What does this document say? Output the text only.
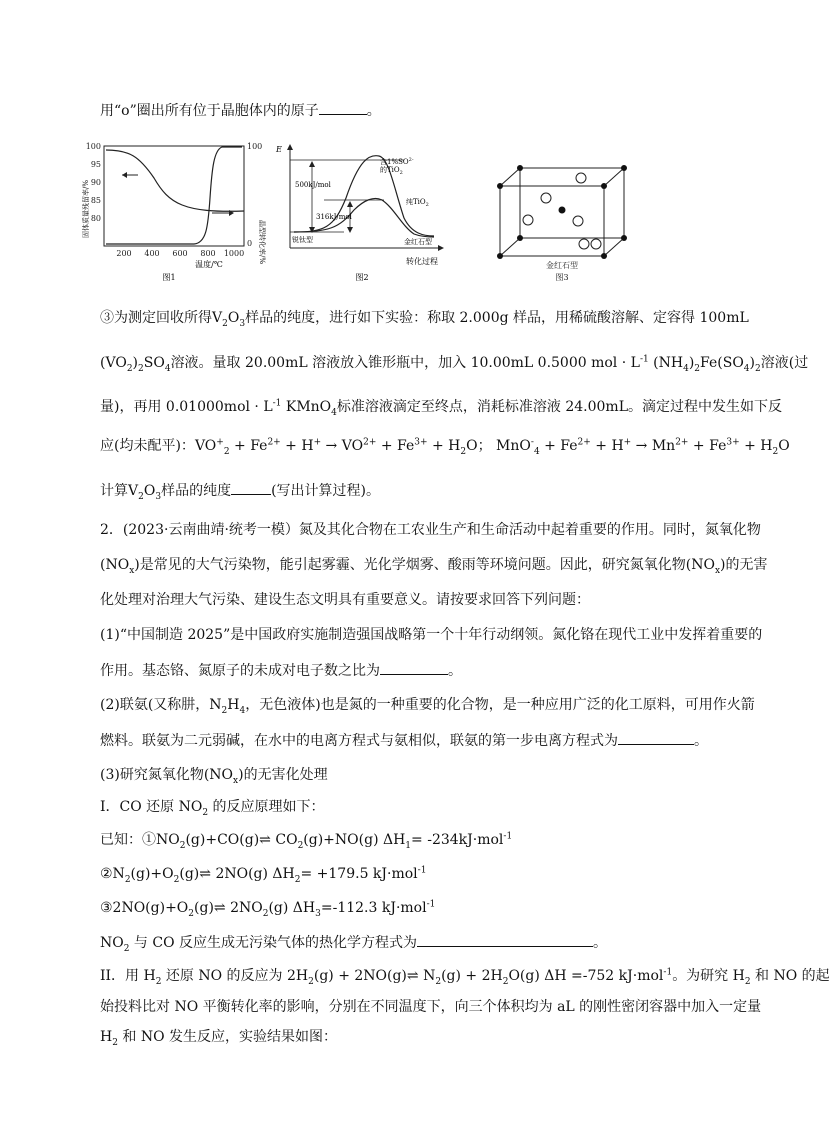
用“o”圈出所有位于晶胞体内的原子	。
100
95
90
85
80
100
0
200 400 600 800 1000
温度/℃
固体质量残留率/%
晶型转化率/%
图1
E
转化过程
500kJ/mol
316kJ/mol
含$1\%SO^{2-}$
的TiO$_2$
纯TiO$_2$
锐钛型	金红石型
图2
金红石型
图3
③为测定回收所得$V_2O_3$样品的纯度，进行如下实验：称取 2.000g 样品，用稀硫酸溶解、定容得 100mL
$(VO_2)_2SO_4$溶液。量取 20.00mL 溶液放入锥形瓶中，加入 10.00mL 0.5000 mol · $L^{-1}$ $(NH_4)_2Fe(SO_4)_2$溶液(过
量)，再用 $0.01000mol \cdot L^{-1}$ KMnO$_4$标准溶液滴定至终点，消耗标准溶液 24.00mL。滴定过程中发生如下反
应(均未配平)：$VO^+_2 + Fe^{2+} + H^+ \to VO^{2+} + Fe^{3+} + H_2O$； $MnO^-_4 + Fe^{2+} + H^+ \to Mn^{2+} + Fe^{3+} + H_2O$
计算$V_2O_3$样品的纯度	(写出计算过程)。
2．(2023·云南曲靖·统考一模）氮及其化合物在工农业生产和生命活动中起着重要的作用。同时，氮氧化物
$(NO_x)$是常见的大气污染物，能引起雾霾、光化学烟雾、酸雨等环境问题。因此，研究氮氧化物$(NO_x)$的无害
化处理对治理大气污染、建设生态文明具有重要意义。请按要求回答下列问题：
(1)“中国制造 2025”是中国政府实施制造强国战略第一个十年行动纲领。氮化铬在现代工业中发挥着重要的
作用。基态铬、氮原子的未成对电子数之比为	。
(2)联氨(又称肼，$N_2H_4$，无色液体)也是氮的一种重要的化合物，是一种应用广泛的化工原料，可用作火箭
燃料。联氨为二元弱碱，在水中的电离方程式与氨相似，联氨的第一步电离方程式为	。
(3)研究氮氧化物$(NO_x)$的无害化处理
I．CO 还原 $NO_2$ 的反应原理如下：
已知：$①NO_2(g)+CO(g)\rightleftharpoons$ $CO_2(g)+NO(g)$ $\Delta H_1= -234kJ\cdot mol^{-1}$
$②N_2(g)+O_2(g)\rightleftharpoons$ 2NO(g) $\Delta H_2= +179.5$ kJ·mol$^{-1}$
$③2NO(g)+O_2(g)\rightleftharpoons$ $2NO_2(g)$ $\Delta H_3=-112.3$ kJ·mol$^{-1}$
$NO_2$ 与 CO 反应生成无污染气体的热化学方程式为	。
II．用 $H_2$ 还原 NO 的反应为 $2H_2(g)$ + 2NO(g)⇌ $N_2(g) + 2H_2O(g)$ ΔH =-752 kJ·mol$^{-1}$。为研究 $H_2$ 和 NO 的起
始投料比对 NO 平衡转化率的影响，分别在不同温度下，向三个体积均为 aL 的刚性密闭容器中加入一定量
$H_2$ 和 NO 发生反应，实验结果如图：
